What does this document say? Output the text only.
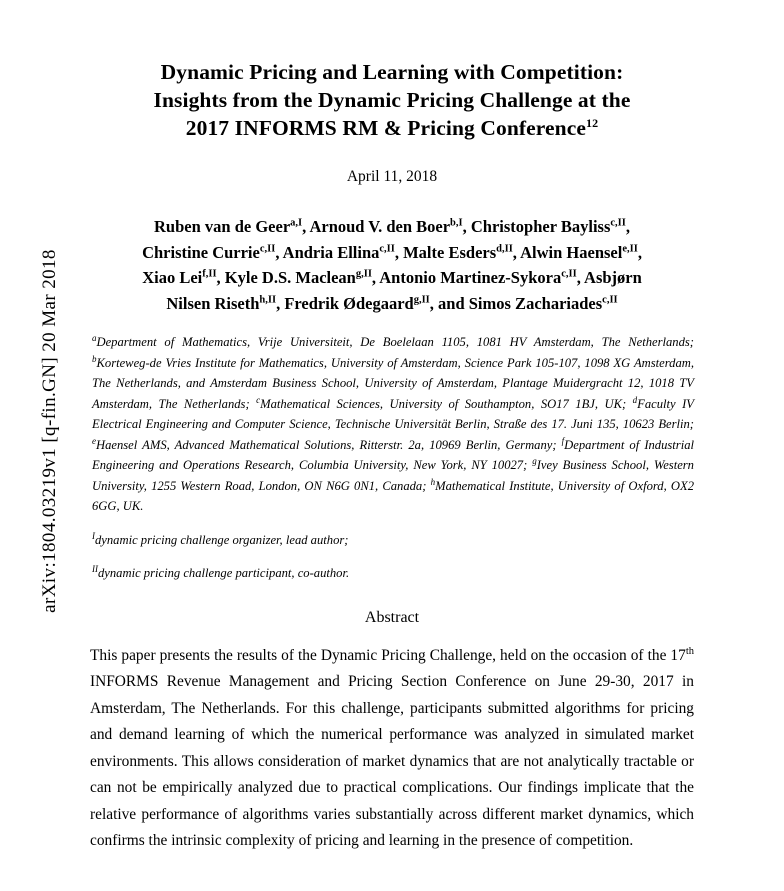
arXiv:1804.03219v1 [q-fin.GN] 20 Mar 2018
Dynamic Pricing and Learning with Competition:
Insights from the Dynamic Pricing Challenge at the
2017 INFORMS RM & Pricing Conference$^{12}$
April 11, 2018
Ruben van de Geer$^{a,I}$, Arnoud V. den Boer$^{b,I}$, Christopher Bayliss$^{c,II}$,
Christine Currie$^{c,II}$, Andria Ellina$^{c,II}$, Malte Esders$^{d,II}$, Alwin Haensel$^{e,II}$,
Xiao Lei$^{f,II}$, Kyle D.S. Maclean$^{g,II}$, Antonio Martinez-Sykora$^{c,II}$, Asbjørn
Nilsen Riseth$^{h,II}$, Fredrik Ødegaard$^{g,II}$, and Simos Zachariades$^{c,II}$
$^a$Department of Mathematics, Vrije Universiteit, De Boelelaan 1105, 1081 HV Amsterdam, The Netherlands; $^b$Korteweg-de Vries Institute for Mathematics, University of Amsterdam, Science Park 105-107, 1098 XG Amsterdam, The Netherlands, and Amsterdam Business School, University of Amsterdam, Plantage Muidergracht 12, 1018 TV Amsterdam, The Netherlands; $^c$Mathematical Sciences, University of Southampton, SO17 1BJ, UK; $^d$Faculty IV Electrical Engineering and Computer Science, Technische Universität Berlin, Straße des 17. Juni 135, 10623 Berlin; $^e$Haensel AMS, Advanced Mathematical Solutions, Ritterstr. 2a, 10969 Berlin, Germany; $^f$Department of Industrial Engineering and Operations Research, Columbia University, New York, NY 10027; $^g$Ivey Business School, Western University, 1255 Western Road, London, ON N6G 0N1, Canada; $^h$Mathematical Institute, University of Oxford, OX2 6GG, UK.
$^I$dynamic pricing challenge organizer, lead author;
$^{II}$dynamic pricing challenge participant, co-author.
Abstract
This paper presents the results of the Dynamic Pricing Challenge, held on the occasion of the 17th INFORMS Revenue Management and Pricing Section Conference on June 29-30, 2017 in Amsterdam, The Netherlands. For this challenge, participants submitted algorithms for pricing and demand learning of which the numerical performance was analyzed in simulated market environments. This allows consideration of market dynamics that are not analytically tractable or can not be empirically analyzed due to practical complications. Our findings implicate that the relative performance of algorithms varies substantially across different market dynamics, which confirms the intrinsic complexity of pricing and learning in the presence of competition.
